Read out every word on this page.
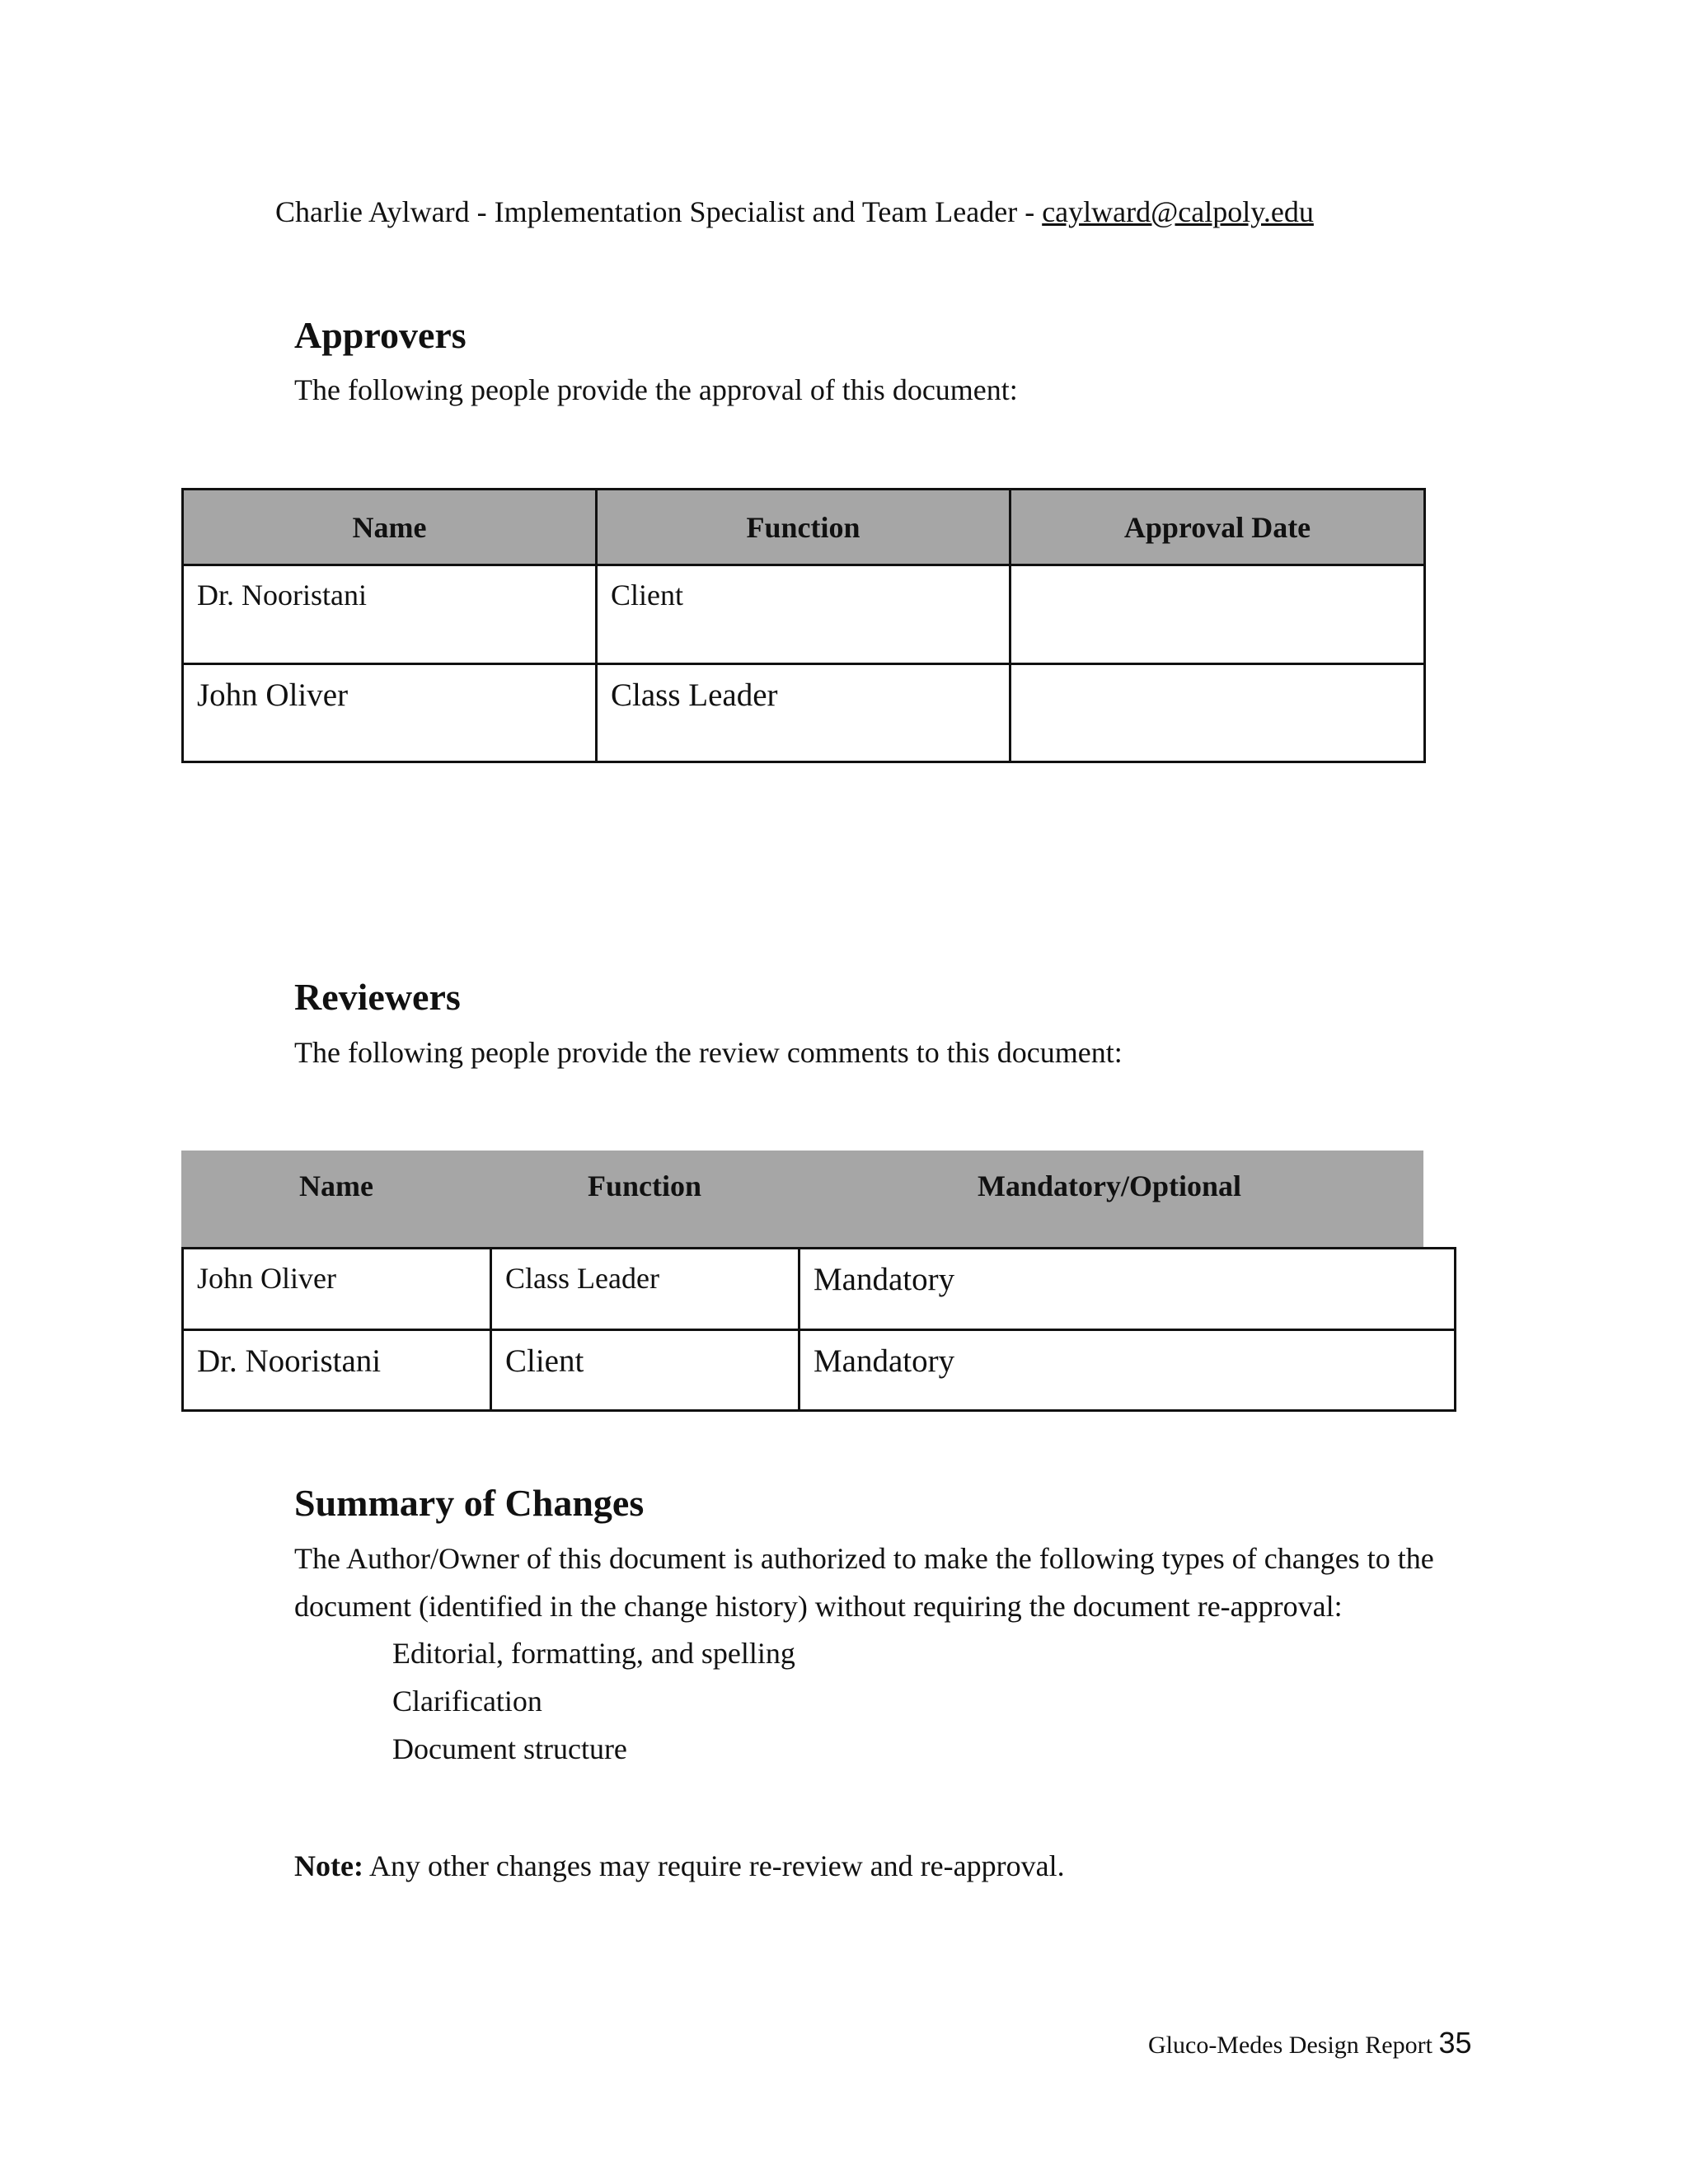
Charlie Aylward - Implementation Specialist and Team Leader - caylward@calpoly.edu
Approvers
The following people provide the approval of this document:
Name	Function	Approval Date
Dr. Nooristani	Client	
John Oliver	Class Leader	
Reviewers
The following people provide the review comments to this document:
Name	Function	Mandatory/Optional
John Oliver	Class Leader	Mandatory
Dr. Nooristani	Client	Mandatory
Summary of Changes
The Author/Owner of this document is authorized to make the following types of changes to the
document (identified in the change history) without requiring the document re-approval:
Editorial, formatting, and spelling
Clarification
Document structure
Note: Any other changes may require re-review and re-approval.
Gluco-Medes Design Report 35
